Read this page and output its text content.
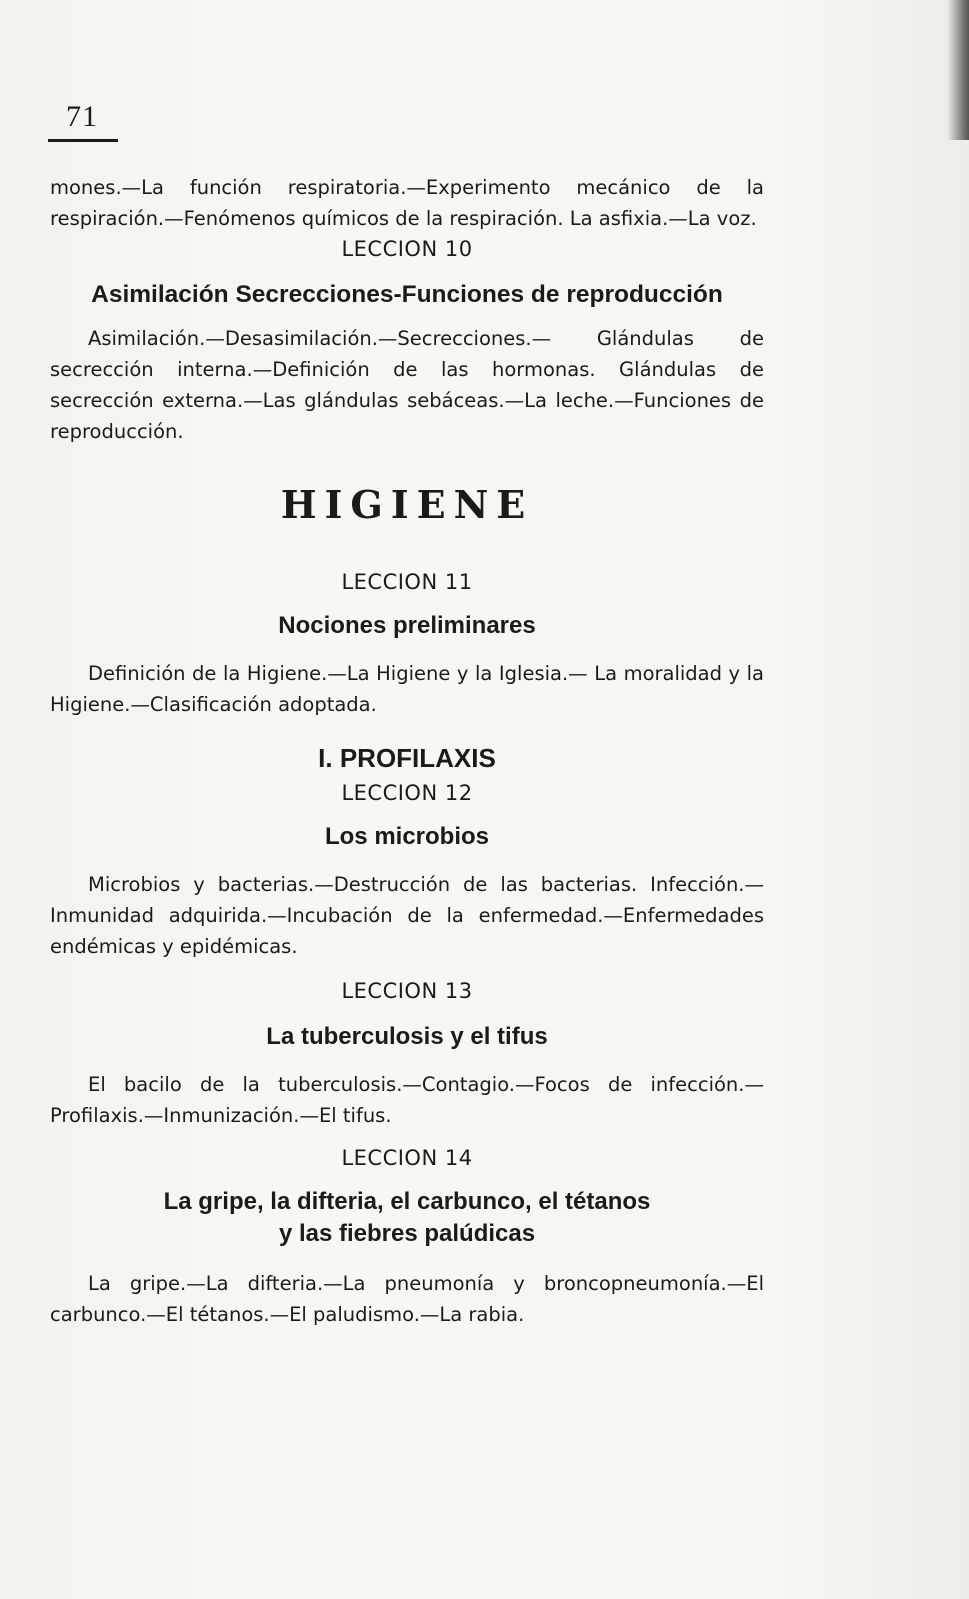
71

mones.—La función respiratoria.—Experimento mecánico de la respiración.—Fenómenos químicos de la respiración. La asfixia.—La voz.

LECCION 10

Asimilación Secrecciones-Funciones de reproducción

Asimilación.—Desasimilación.—Secrecciones.— Glándulas de secrección interna.—Definición de las hormonas. Glándulas de secrección externa.—Las glándulas sebáceas.—La leche.—Funciones de reproducción.

HIGIENE

LECCION 11

Nociones preliminares

Definición de la Higiene.—La Higiene y la Iglesia.— La moralidad y la Higiene.—Clasificación adoptada.

I. PROFILAXIS

LECCION 12

Los microbios

Microbios y bacterias.—Destrucción de las bacterias. Infección.—Inmunidad adquirida.—Incubación de la enfermedad.—Enfermedades endémicas y epidémicas.

LECCION 13

La tuberculosis y el tifus

El bacilo de la tuberculosis.—Contagio.—Focos de infección.—Profilaxis.—Inmunización.—El tifus.

LECCION 14

La gripe, la difteria, el carbunco, el tétanos

y las fiebres palúdicas

La gripe.—La difteria.—La pneumonía y broncopneumonía.—El carbunco.—El tétanos.—El paludismo.—La rabia.
